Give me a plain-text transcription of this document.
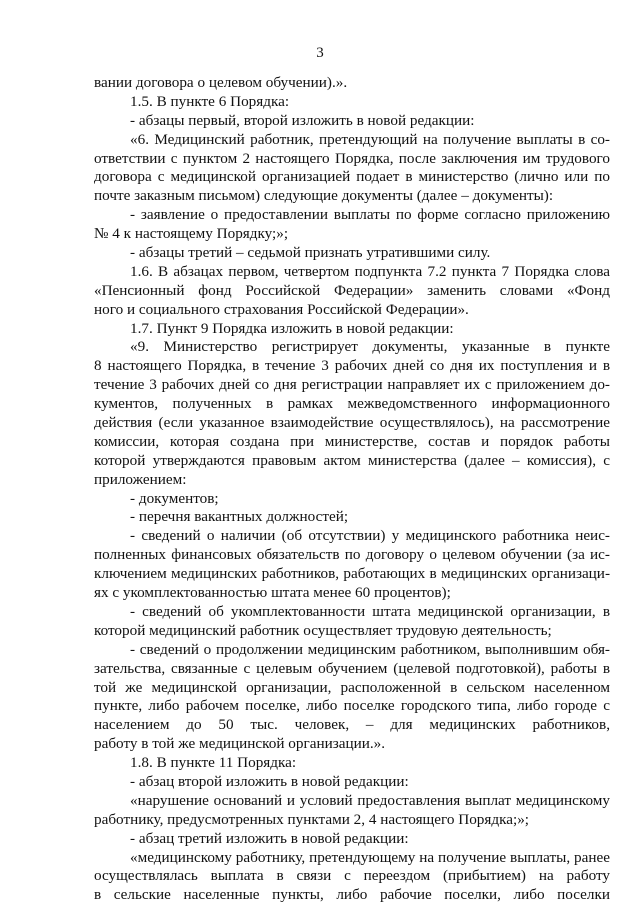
3
вании договора о целевом обучении).».
1.5. В пункте 6 Порядка:
- абзацы первый, второй изложить в новой редакции:
«6. Медицинский работник, претендующий на получение выплаты в со-
ответствии с пунктом 2 настоящего Порядка, после заключения им трудового
договора с медицинской организацией подает в министерство (лично или по
почте заказным письмом) следующие документы (далее – документы):
- заявление о предоставлении выплаты по форме согласно приложению
№ 4 к настоящему Порядку;»;
- абзацы третий – седьмой признать утратившими силу.
1.6. В абзацах первом, четвертом подпункта 7.2 пункта 7 Порядка слова
«Пенсионный фонд Российской Федерации» заменить словами «Фонд
ного и социального страхования Российской Федерации».
1.7. Пункт 9 Порядка изложить в новой редакции:
«9. Министерство регистрирует документы, указанные в пункте
8 настоящего Порядка, в течение 3 рабочих дней со дня их поступления и в
течение 3 рабочих дней со дня регистрации направляет их с приложением до-
кументов, полученных в рамках межведомственного информационного
действия (если указанное взаимодействие осуществлялось), на рассмотрение
комиссии, которая создана при министерстве, состав и порядок работы
которой утверждаются правовым актом министерства (далее – комиссия), с
приложением:
- документов;
- перечня вакантных должностей;
- сведений о наличии (об отсутствии) у медицинского работника неис-
полненных финансовых обязательств по договору о целевом обучении (за ис-
ключением медицинских работников, работающих в медицинских организаци-
ях с укомплектованностью штата менее 60 процентов);
- сведений об укомплектованности штата медицинской организации, в
которой медицинский работник осуществляет трудовую деятельность;
- сведений о продолжении медицинским работником, выполнившим обя-
зательства, связанные с целевым обучением (целевой подготовкой), работы в
той же медицинской организации, расположенной в сельском населенном
пункте, либо рабочем поселке, либо поселке городского типа, либо городе с
населением до 50 тыс. человек, – для медицинских работников,
работу в той же медицинской организации.».
1.8. В пункте 11 Порядка:
- абзац второй изложить в новой редакции:
«нарушение оснований и условий предоставления выплат медицинскому
работнику, предусмотренных пунктами 2, 4 настоящего Порядка;»;
- абзац третий изложить в новой редакции:
«медицинскому работнику, претендующему на получение выплаты, ранее
осуществлялась выплата в связи с переездом (прибытием) на работу
в сельские населенные пункты, либо рабочие поселки, либо поселки
